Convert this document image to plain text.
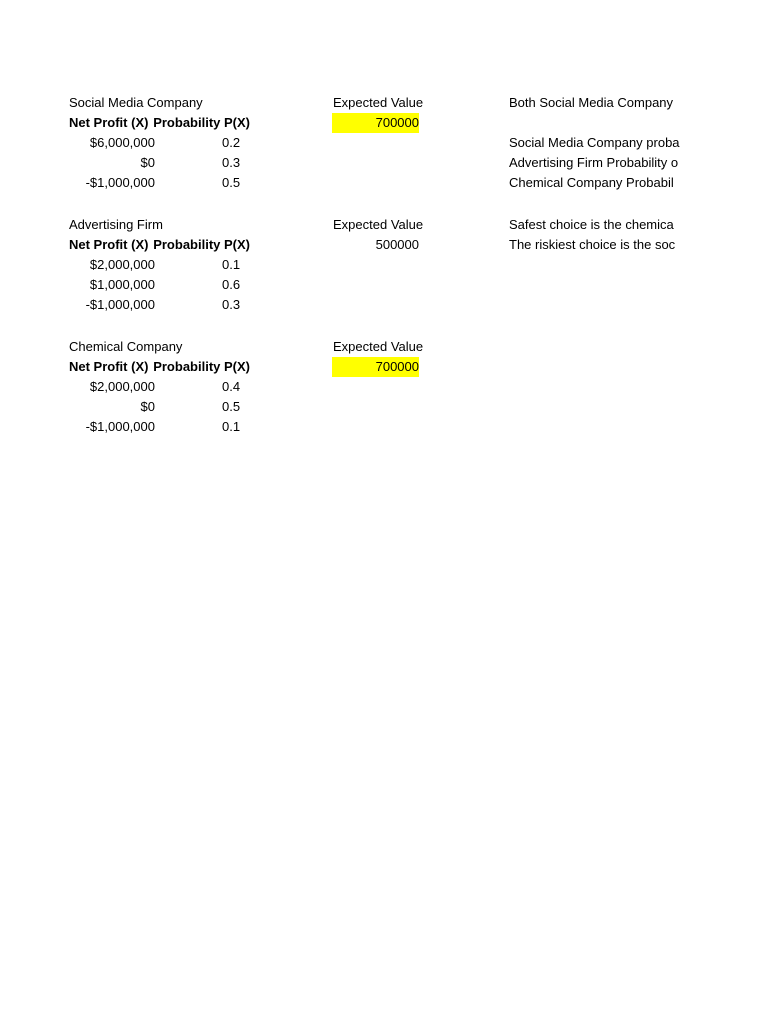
Social Media Company
Net Profit (X) Probability P(X)
$6,000,000	0.2
$0	0.3
-$1,000,000	0.5
Expected Value
700000
Advertising Firm
Net Profit (X) Probability P(X)
$2,000,000	0.1
$1,000,000	0.6
-$1,000,000	0.3
Expected Value
500000
Chemical Company
Net Profit (X) Probability P(X)
$2,000,000	0.4
$0	0.5
-$1,000,000	0.1
Expected Value
700000
Both Social Media Company
Social Media Company proba
Advertising Firm Probability o
Chemical Company Probabil
Safest choice is the chemica
The riskiest choice is the soc
